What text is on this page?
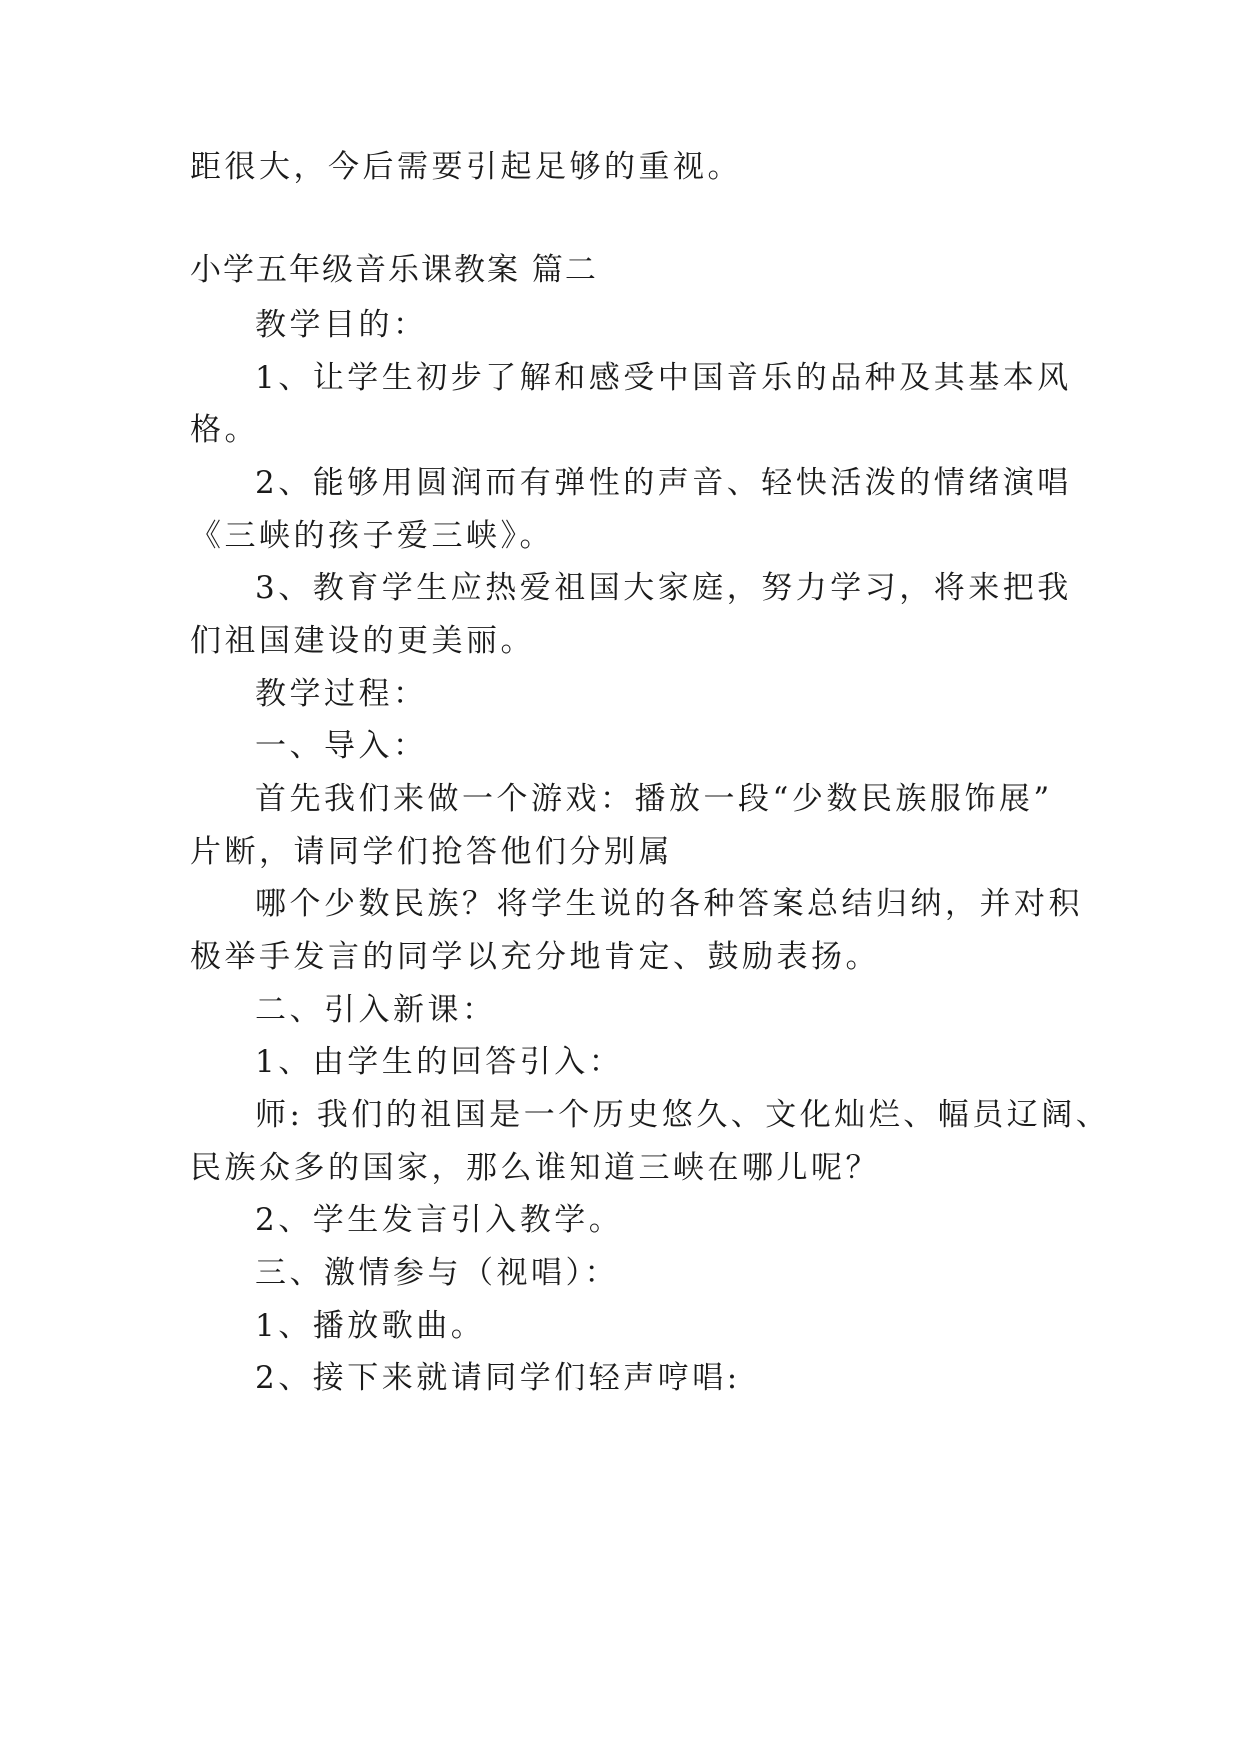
距很大，今后需要引起足够的重视。
小学五年级音乐课教案 篇二
教学目的：
1、让学生初步了解和感受中国音乐的品种及其基本风
格。
2、能够用圆润而有弹性的声音、轻快活泼的情绪演唱
《三峡的孩子爱三峡》。
3、教育学生应热爱祖国大家庭，努力学习，将来把我
们祖国建设的更美丽。
教学过程：
一、导入：
首先我们来做一个游戏：播放一段“少数民族服饰展”
片断，请同学们抢答他们分别属
哪个少数民族？将学生说的各种答案总结归纳，并对积
极举手发言的同学以充分地肯定、鼓励表扬。
二、引入新课：
1、由学生的回答引入：
师: 我们的祖国是一个历史悠久、文化灿烂、幅员辽阔、
民族众多的国家，那么谁知道三峡在哪儿呢？
2、学生发言引入教学。
三、激情参与（视唱）：
1、播放歌曲。
2、接下来就请同学们轻声哼唱:
